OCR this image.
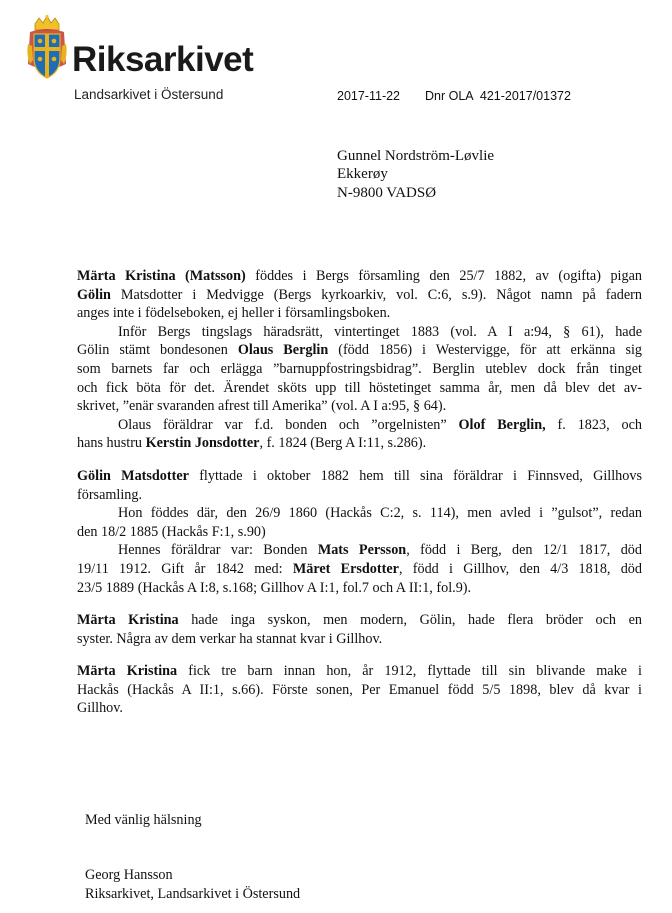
Riksarkivet
Landsarkivet i Östersund	2017-11-22 Dnr OLA  421-2017/01372
Gunnel Nordström-Løvlie
Ekkerøy
N-9800 VADSØ
Märta Kristina (Matsson) föddes i Bergs församling den 25/7 1882, av (ogifta) pigan
Gölin Matsdotter i Medvigge (Bergs kyrkoarkiv, vol. C:6, s.9). Något namn på fadern
anges inte i födelseboken, ej heller i församlingsboken.
Inför Bergs tingslags häradsrätt, vintertinget 1883 (vol. A I a:94, § 61), hade
Gölin stämt bondesonen Olaus Berglin (född 1856) i Westervigge, för att erkänna sig
som barnets far och erlägga ”barnuppfostringsbidrag”. Berglin uteblev dock från tinget
och fick böta för det. Ärendet sköts upp till höstetinget samma år, men då blev det av-
skrivet, ”enär svaranden afrest till Amerika” (vol. A I a:95, § 64).
Olaus föräldrar var f.d. bonden och ”orgelnisten” Olof Berglin, f. 1823, och
hans hustru Kerstin Jonsdotter, f. 1824 (Berg A I:11, s.286).
Gölin Matsdotter flyttade i oktober 1882 hem till sina föräldrar i Finnsved, Gillhovs
församling.
Hon föddes där, den 26/9 1860 (Hackås C:2, s. 114), men avled i ”gulsot”, redan
den 18/2 1885 (Hackås F:1, s.90)
Hennes föräldrar var: Bonden Mats Persson, född i Berg, den 12/1 1817, död
19/11 1912. Gift år 1842 med: Märet Ersdotter, född i Gillhov, den 4/3 1818, död
23/5 1889 (Hackås A I:8, s.168; Gillhov A I:1, fol.7 och A II:1, fol.9).
Märta Kristina hade inga syskon, men modern, Gölin, hade flera bröder och en
syster. Några av dem verkar ha stannat kvar i Gillhov.
Märta Kristina fick tre barn innan hon, år 1912, flyttade till sin blivande make i
Hackås (Hackås A II:1, s.66). Förste sonen, Per Emanuel född 5/5 1898, blev då kvar i
Gillhov.
Med vänlig hälsning
Georg Hansson
Riksarkivet, Landsarkivet i Östersund
